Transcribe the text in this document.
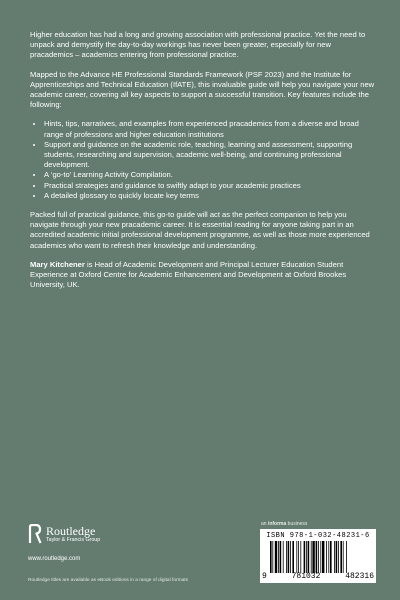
Higher education has had a long and growing association with professional practice. Yet the need to unpack and demystify the day-to-day workings has never been greater, especially for new pracademics – academics entering from professional practice.

Mapped to the Advance HE Professional Standards Framework (PSF 2023) and the Institute for Apprenticeships and Technical Education (IfATE), this invaluable guide will help you navigate your new academic career, covering all key aspects to support a successful transition. Key features include the following:

• Hints, tips, narratives, and examples from experienced pracademics from a diverse and broad range of professions and higher education institutions
• Support and guidance on the academic role, teaching, learning and assessment, supporting students, researching and supervision, academic well-being, and continuing professional development.
• A ‘go-to’ Learning Activity Compilation.
• Practical strategies and guidance to swiftly adapt to your academic practices
• A detailed glossary to quickly locate key terms

Packed full of practical guidance, this go-to guide will act as the perfect companion to help you navigate through your new pracademic career. It is essential reading for anyone taking part in an accredited academic initial professional development programme, as well as those more experienced academics who want to refresh their knowledge and understanding.

Mary Kitchener is Head of Academic Development and Principal Lecturer Education Student Experience at Oxford Centre for Academic Enhancement and Development at Oxford Brookes University, UK.

Routledge
Taylor & Francis Group
www.routledge.com
Routledge titles are available as eBook editions in a range of digital formats
an informa business
ISBN 978-1-032-48231-6
9	781032	482316
